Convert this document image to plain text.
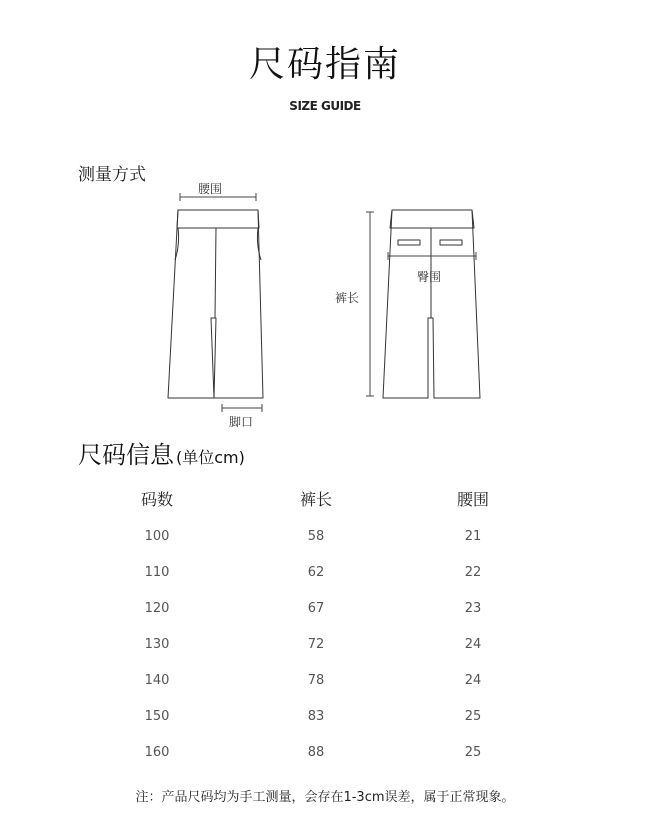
尺码指南
SIZE GUIDE
测量方式
腰围
脚口
裤长
臀围
尺码信息 (单位cm)
码数	裤长	腰围
100	58	21
110	62	22
120	67	23
130	72	24
140	78	24
150	83	25
160	88	25
注：产品尺码均为手工测量，会存在1-3cm误差，属于正常现象。
